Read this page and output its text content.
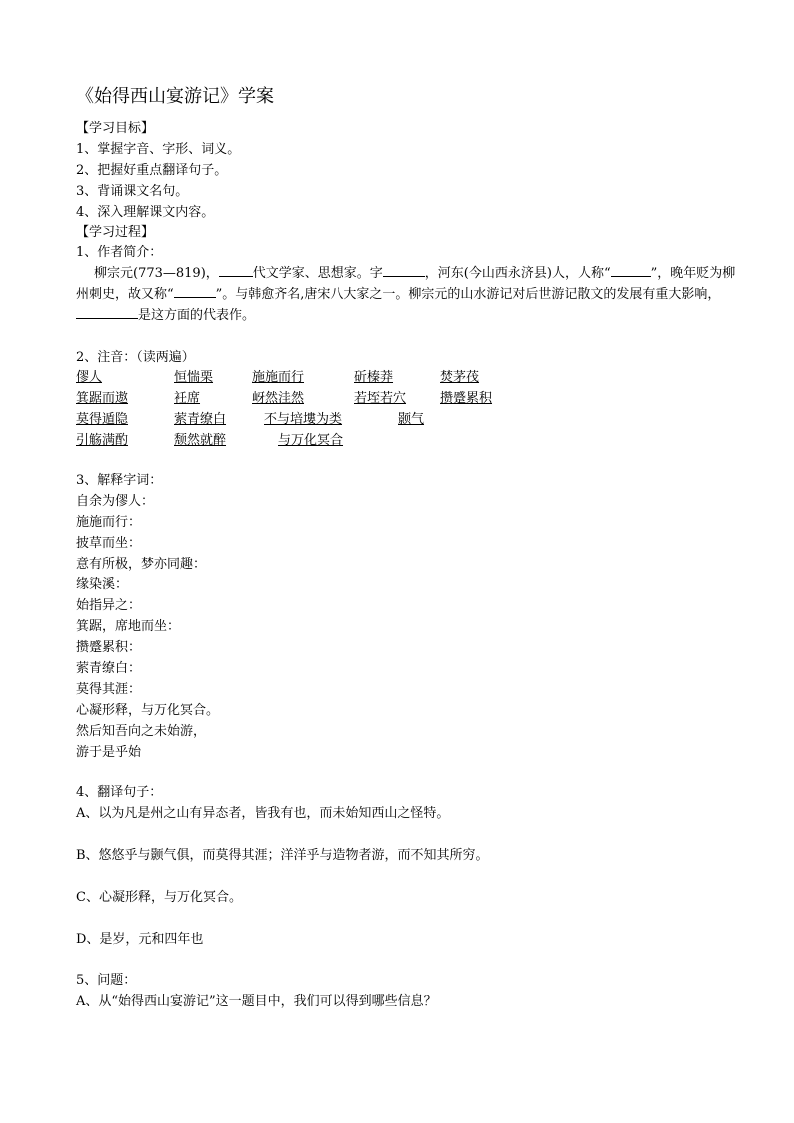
《始得西山宴游记》学案
【学习目标】
1、掌握字音、字形、词义。
2、把握好重点翻译句子。
3、背诵课文名句。
4、深入理解课文内容。
【学习过程】
1、作者简介：
柳宗元(773—819)，	代文学家、思想家。字	，河东(今山西永济县)人，人称“	”，晚年贬为柳州刺史，故又称“	”。与韩愈齐名,唐宋八大家之一。柳宗元的山水游记对后世游记散文的发展有重大影响，是这方面的代表作。
2、注音：（读两遍）
僇人	恒惴栗	施施而行	斫榛莽	焚茅茷
箕踞而遨	衽席	岈然洼然	若垤若穴	攒蹙累积
莫得遁隐	萦青缭白	不与培塿为类	颢气
引觞满酌	颓然就醉	与万化冥合
3、解释字词：
自余为僇人：
施施而行：
披草而坐：
意有所极，梦亦同趣：
缘染溪：
始指异之：
箕踞，席地而坐：
攒蹙累积：
萦青缭白：
莫得其涯：
心凝形释，与万化冥合。
然后知吾向之未始游，
游于是乎始
4、翻译句子：
A、以为凡是州之山有异态者，皆我有也，而未始知西山之怪特。
B、悠悠乎与颢气俱，而莫得其涯；洋洋乎与造物者游，而不知其所穷。
C、心凝形释，与万化冥合。
D、是岁，元和四年也
5、问题：
A、从“始得西山宴游记”这一题目中，我们可以得到哪些信息？
